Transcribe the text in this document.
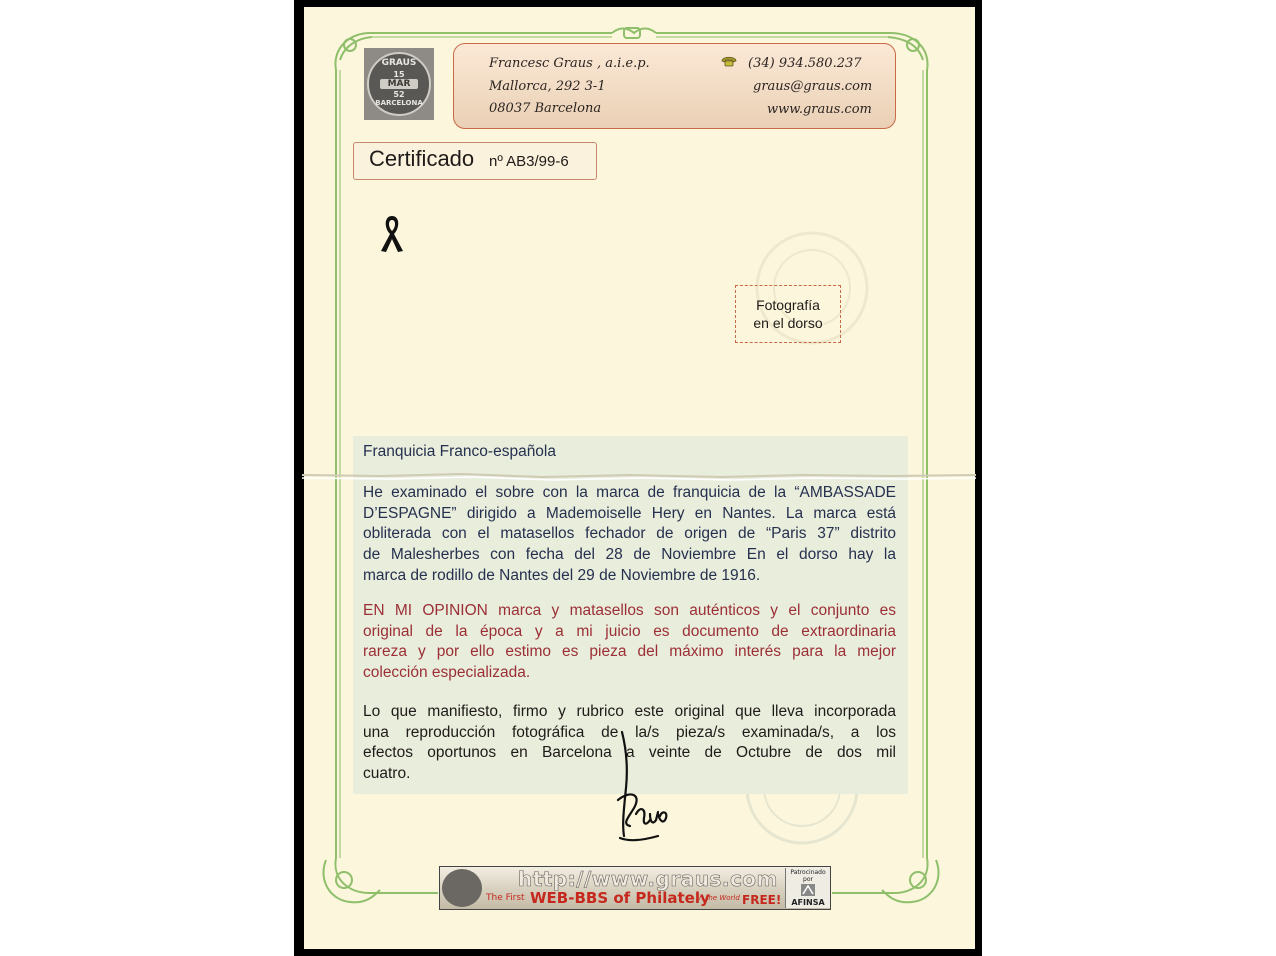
GRAUS
15
MAR
52
BARCELONA
Francesc Graus , a.i.e.p.
Mallorca, 292 3-1
08037 Barcelona
(34) 934.580.237
graus@graus.com
www.graus.com
Certificado nº AB3/99-6
Fotografía
en el dorso
Franquicia Franco-española
He examinado el sobre con la marca de franquicia de la “AMBASSADE
D’ESPAGNE” dirigido a Mademoiselle Hery en Nantes. La marca está
obliterada con el matasellos fechador de origen de “Paris 37” distrito
de Malesherbes con fecha del 28 de Noviembre En el dorso hay la
marca de rodillo de Nantes del 29 de Noviembre de 1916.
EN MI OPINION marca y matasellos son auténticos y el conjunto es
original de la época y a mi juicio es documento de extraordinaria
rareza y por ello estimo es pieza del máximo interés para la mejor
colección especializada.
Lo que manifiesto, firmo y rubrico este original que lleva incorporada
una reproducción fotográfica de la/s pieza/s examinada/s, a los
efectos oportunos en Barcelona a veinte de Octubre de dos mil
cuatro.
http://www.graus.com
The First WEB-BBS of Philately
in the World FREE!
Patrocinado
por
AFINSA
